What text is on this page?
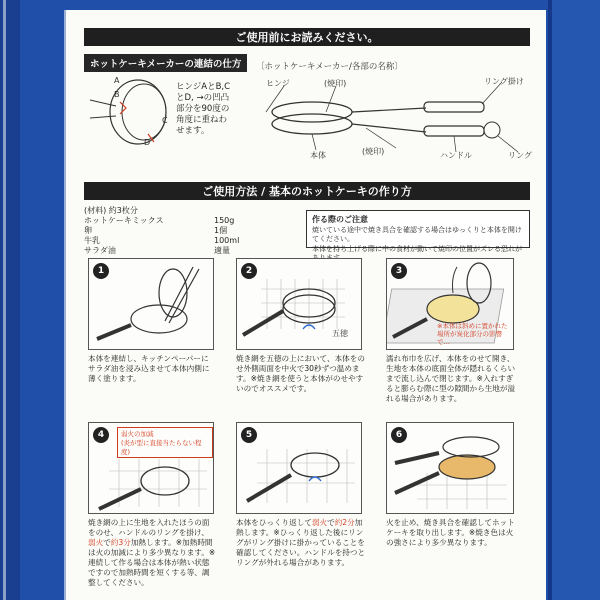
ご使用前にお読みください。
ホットケーキメーカーの連結の仕方
A
B
C
D
ヒンジAとB,C
とD, →の凹凸
部分を90度の
角度に重ねわ
せます。
〔ホットケーキメーカー/各部の名称〕
ヒンジ	(焼印)	リング掛け
本体	(焼印)	ハンドル	リング
ご使用方法 / 基本のホットケーキの作り方
(材料) 約3枚分
ホットケーキミックス	150g
卵	1個
牛乳	100ml
サラダ油	適量
作る際のご注意
焼いている途中で焼き具合を確認する場合はゆっくりと本体を開けてください。
本体を持ち上げる際に中の食材が動いて焼印の位置がズレる恐れが
1
本体を連結し、キッチンペーパーにサラダ油を浸み込ませて本体内側に薄く塗ります。
2
五徳
焼き網を五徳の上において、本体をのせ外側両面を中火で30秒ずつ温めます。※焼き網を使うと本体がのせやすいのでオススメです。
3
※本体は斜めに置かれた場所が炭化部分の影響で…
濡れ布巾を広げ、本体をのせて開き、生地を本体の底面全体が隠れるくらいまで流し込んで閉じます。※入れすぎると膨らむ際に型の隙間から生地が溢れる場合があります。
4	弱火の加減
(炎が型に直接当たらない程度)
焼き網の上に生地を入れたほうの面をのせ、ハンドルのリングを掛け、弱火で約3分加熱します。※加熱時間は火の加減により多少異なります。※連続して作る場合は本体が熱い状態ですので加熱時間を短くする等、調整してください。
5
本体をひっくり返して弱火で約2分加熱します。※ひっくり返した後にリングがリング掛けに掛かっていることを確認してください。ハンドルを持つとリングが外れる場合があります。
6
火を止め、焼き具合を確認してホットケーキを取り出します。※焼き色は火の強さにより多少異なります。
